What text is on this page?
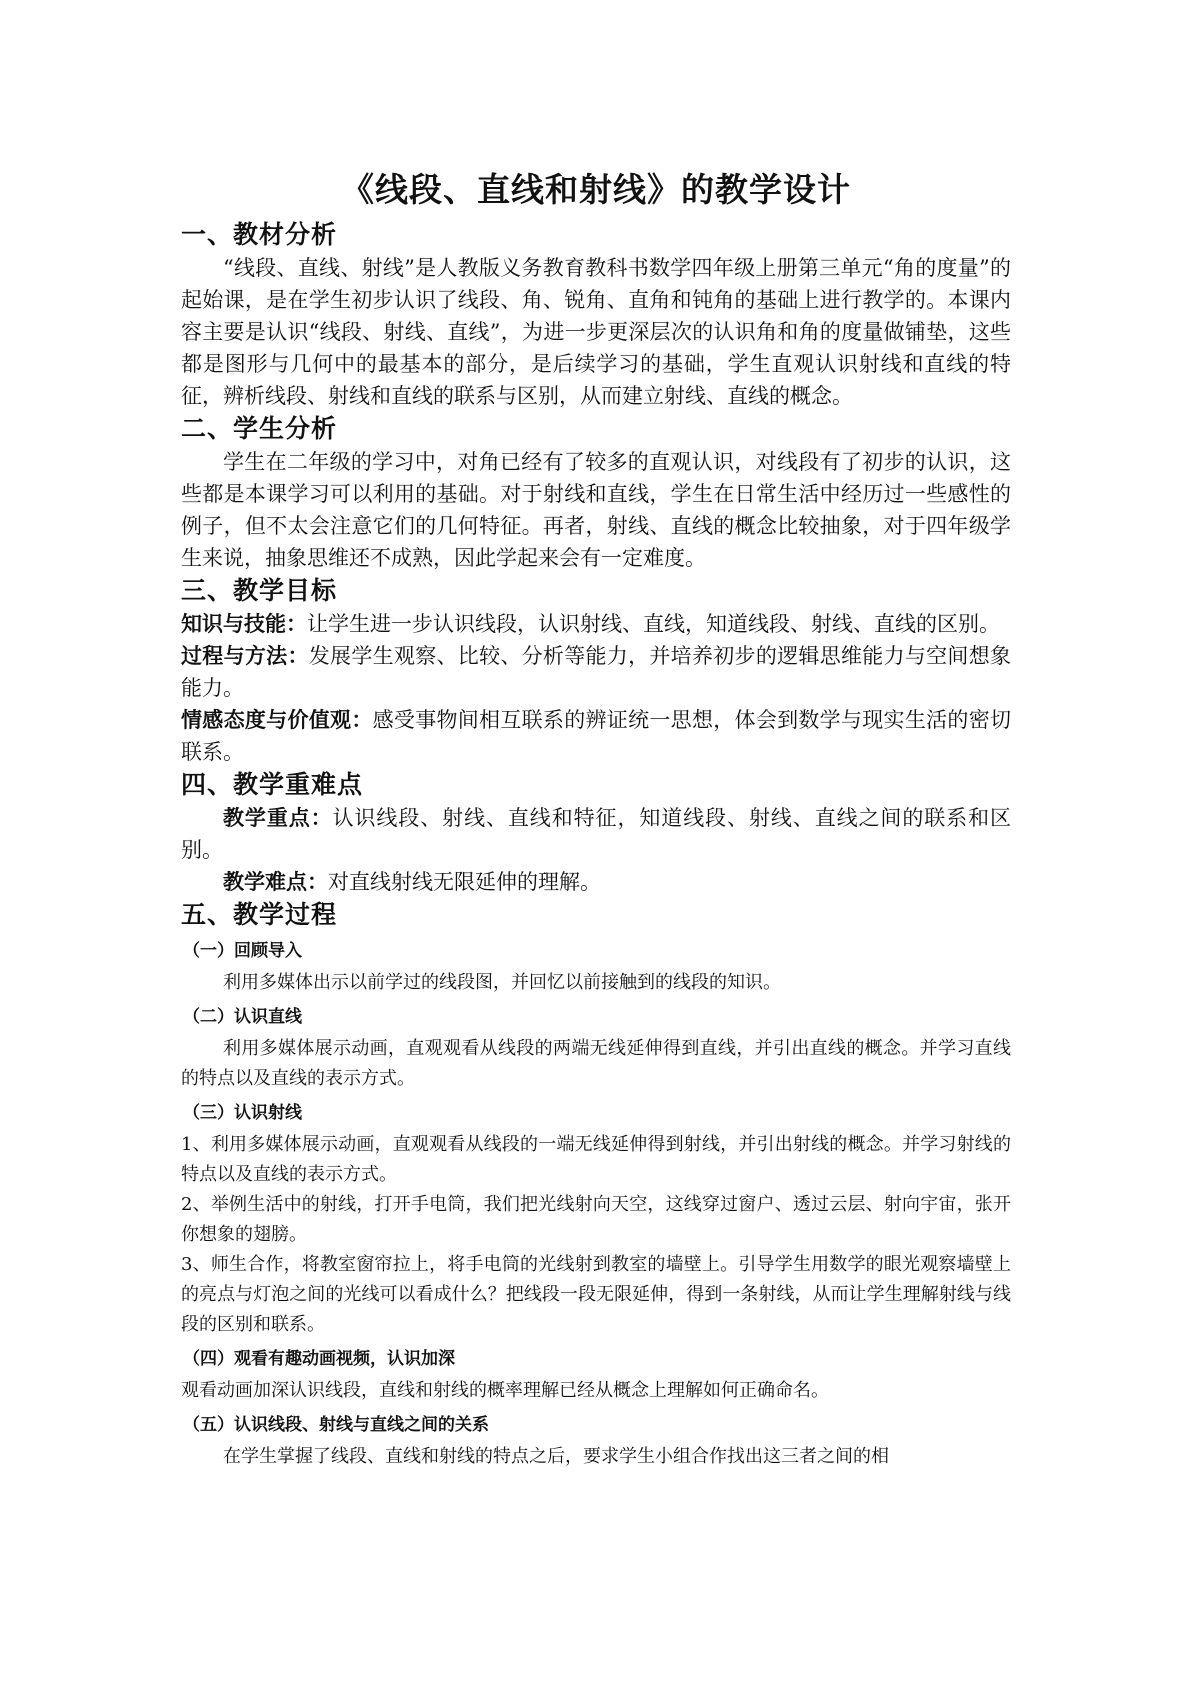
《线段、直线和射线》的教学设计
一、教材分析

“线段、直线、射线”是人教版义务教育教科书数学四年级上册第三单元“角的度量”的起始课，是在学生初步认识了线段、角、锐角、直角和钝角的基础上进行教学的。本课内容主要是认识“线段、射线、直线”，为进一步更深层次的认识角和角的度量做铺垫，这些都是图形与几何中的最基本的部分，是后续学习的基础，学生直观认识射线和直线的特征，辨析线段、射线和直线的联系与区别，从而建立射线、直线的概念。

二、学生分析

学生在二年级的学习中，对角已经有了较多的直观认识，对线段有了初步的认识，这些都是本课学习可以利用的基础。对于射线和直线，学生在日常生活中经历过一些感性的例子，但不太会注意它们的几何特征。再者，射线、直线的概念比较抽象，对于四年级学生来说，抽象思维还不成熟，因此学起来会有一定难度。

三、教学目标

知识与技能：让学生进一步认识线段，认识射线、直线，知道线段、射线、直线的区别。

过程与方法：发展学生观察、比较、分析等能力，并培养初步的逻辑思维能力与空间想象能力。

情感态度与价值观：感受事物间相互联系的辨证统一思想，体会到数学与现实生活的密切联系。

四、教学重难点

教学重点：认识线段、射线、直线和特征，知道线段、射线、直线之间的联系和区别。

教学难点：对直线射线无限延伸的理解。

五、教学过程
（一）回顾导入

利用多媒体出示以前学过的线段图，并回忆以前接触到的线段的知识。

（二）认识直线

利用多媒体展示动画，直观观看从线段的两端无线延伸得到直线，并引出直线的概念。并学习直线的特点以及直线的表示方式。

（三）认识射线

1、利用多媒体展示动画，直观观看从线段的一端无线延伸得到射线，并引出射线的概念。并学习射线的特点以及直线的表示方式。

2、举例生活中的射线，打开手电筒，我们把光线射向天空，这线穿过窗户、透过云层、射向宇宙，张开你想象的翅膀。

3、师生合作，将教室窗帘拉上，将手电筒的光线射到教室的墙壁上。引导学生用数学的眼光观察墙壁上的亮点与灯泡之间的光线可以看成什么？把线段一段无限延伸，得到一条射线，从而让学生理解射线与线段的区别和联系。

（四）观看有趣动画视频，认识加深

观看动画加深认识线段，直线和射线的概率理解已经从概念上理解如何正确命名。

（五）认识线段、射线与直线之间的关系

在学生掌握了线段、直线和射线的特点之后，要求学生小组合作找出这三者之间的相
